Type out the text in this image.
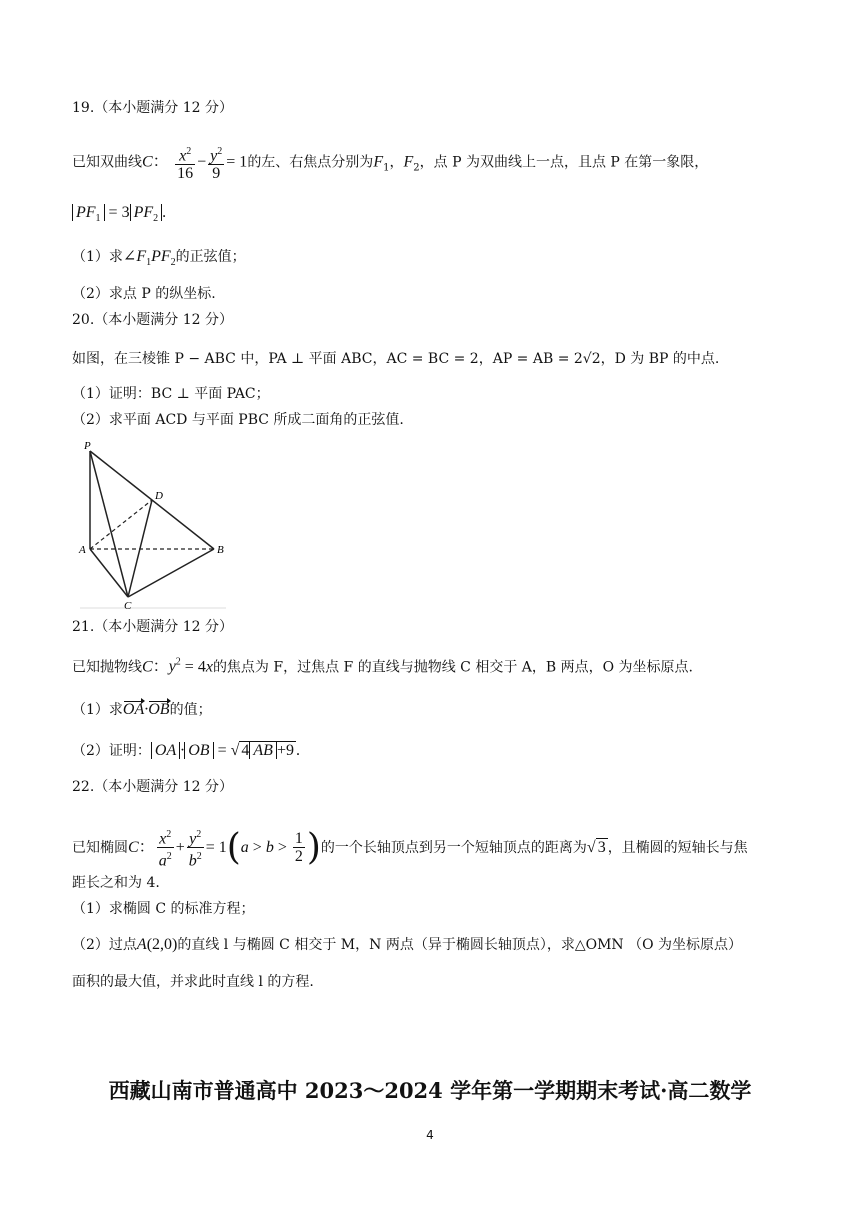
19.（本小题满分 12 分）
已知双曲线C： $\frac{x^2}{16} - \frac{y^2}{9} = 1$的左、右焦点分别为$F_1$，$F_2$，点 P 为双曲线上一点，且点 P 在第一象限，
$PF_1 = 3$ $PF_2$ .
（1）求$\angle F_1PF_2$的正弦值；
（2）求点 P 的纵坐标.
20.（本小题满分 12 分）
如图，在三棱锥 P − ABC 中，PA ⊥ 平面 ABC，AC = BC = 2，AP = AB = 2√2，D 为 BP 的中点.
（1）证明：BC ⊥ 平面 PAC；
（2）求平面 ACD 与平面 PBC 所成二面角的正弦值.
P
D
A	B
C
21.（本小题满分 12 分）
已知抛物线C：$y^2 = 4x$的焦点为 F，过焦点 F 的直线与抛物线 C 相交于 A，B 两点，O 为坐标原点.
（1）求OA·OB的值；
（2）证明： OA · OB = √ 4 AB +9 .
22.（本小题满分 12 分）
已知椭圆C： $\frac{x^2}{a^2} + \frac{y^2}{b^2} = 1(a > b > \frac{1}{2}$ )的一个长轴顶点到另一个短轴顶点的距离为√ 3 ，且椭圆的短轴长与焦
距长之和为 4.
（1）求椭圆 C 的标准方程；
（2）过点A(2,0)的直线 l 与椭圆 C 相交于 M，N 两点（异于椭圆长轴顶点），求△OMN （O 为坐标原点）
面积的最大值，并求此时直线 l 的方程.
西藏山南市普通高中 2023～2024 学年第一学期期末考试·高二数学
4
